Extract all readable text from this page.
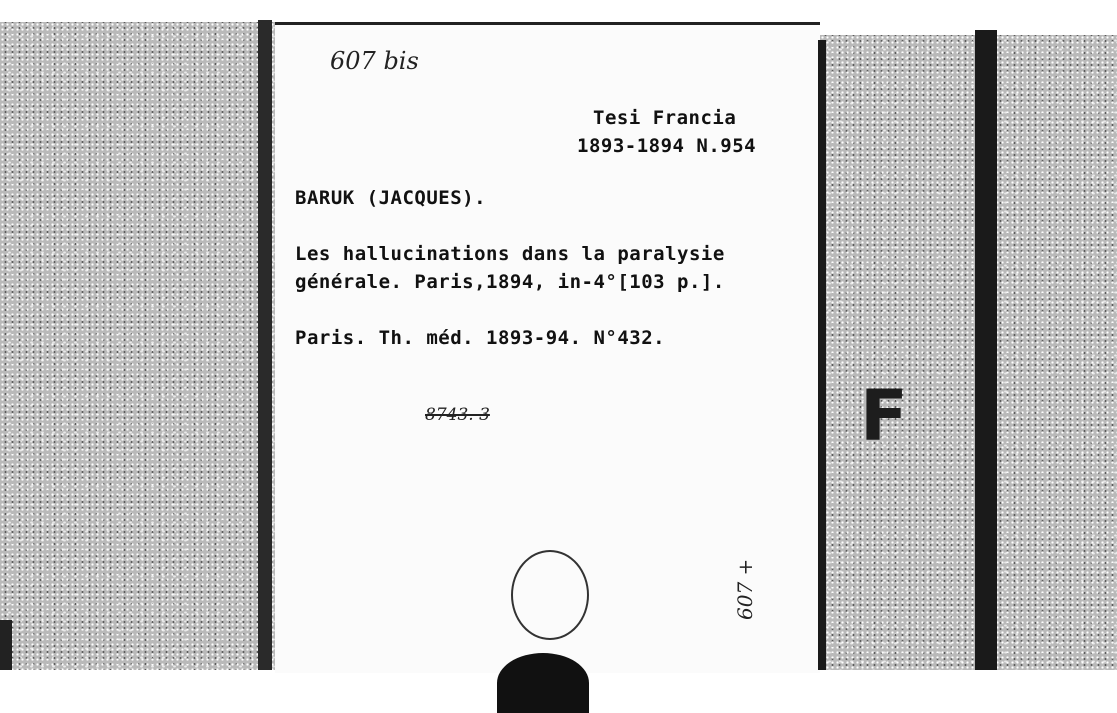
607 bis
Tesi Francia
1893-1894 N.954
BARUK (JACQUES).
Les hallucinations dans la paralysie
générale. Paris,1894, in-4°[103 p.].
Paris. Th. méd. 1893-94. N°432.
8743. 3
607 +
F
